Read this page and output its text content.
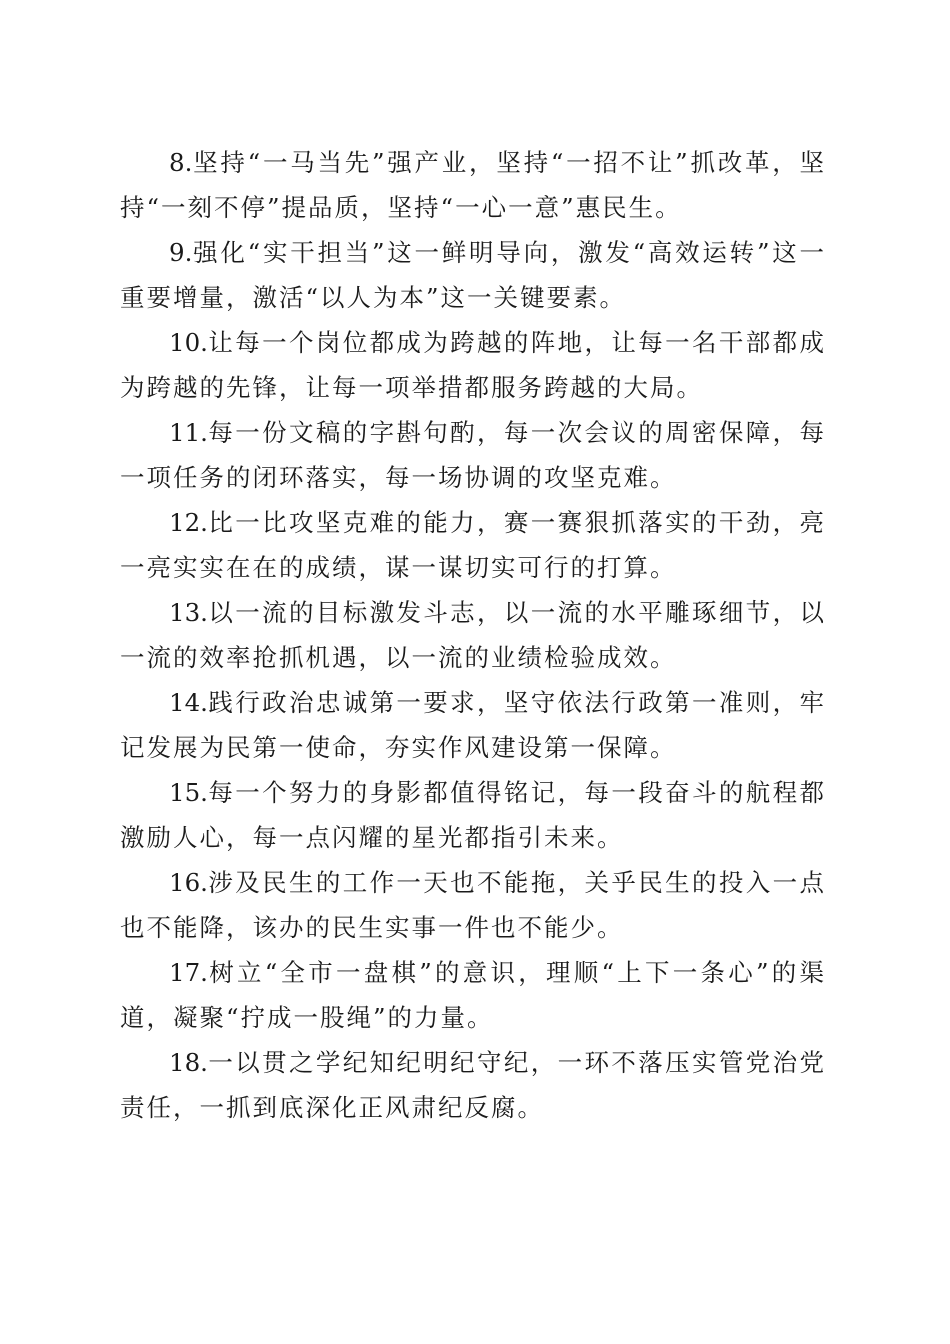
8.坚持“一马当先”强产业，坚持“一招不让”抓改革，坚持“一刻不停”提品质，坚持“一心一意”惠民生。

9.强化“实干担当”这一鲜明导向，激发“高效运转”这一重要增量，激活“以人为本”这一关键要素。

10.让每一个岗位都成为跨越的阵地，让每一名干部都成为跨越的先锋，让每一项举措都服务跨越的大局。

11.每一份文稿的字斟句酌，每一次会议的周密保障，每一项任务的闭环落实，每一场协调的攻坚克难。

12.比一比攻坚克难的能力，赛一赛狠抓落实的干劲，亮一亮实实在在的成绩，谋一谋切实可行的打算。

13.以一流的目标激发斗志，以一流的水平雕琢细节，以一流的效率抢抓机遇，以一流的业绩检验成效。

14.践行政治忠诚第一要求，坚守依法行政第一准则，牢记发展为民第一使命，夯实作风建设第一保障。

15.每一个努力的身影都值得铭记，每一段奋斗的航程都激励人心，每一点闪耀的星光都指引未来。

16.涉及民生的工作一天也不能拖，关乎民生的投入一点也不能降，该办的民生实事一件也不能少。

17.树立“全市一盘棋”的意识，理顺“上下一条心”的渠道，凝聚“拧成一股绳”的力量。

18.一以贯之学纪知纪明纪守纪，一环不落压实管党治党责任，一抓到底深化正风肃纪反腐。
